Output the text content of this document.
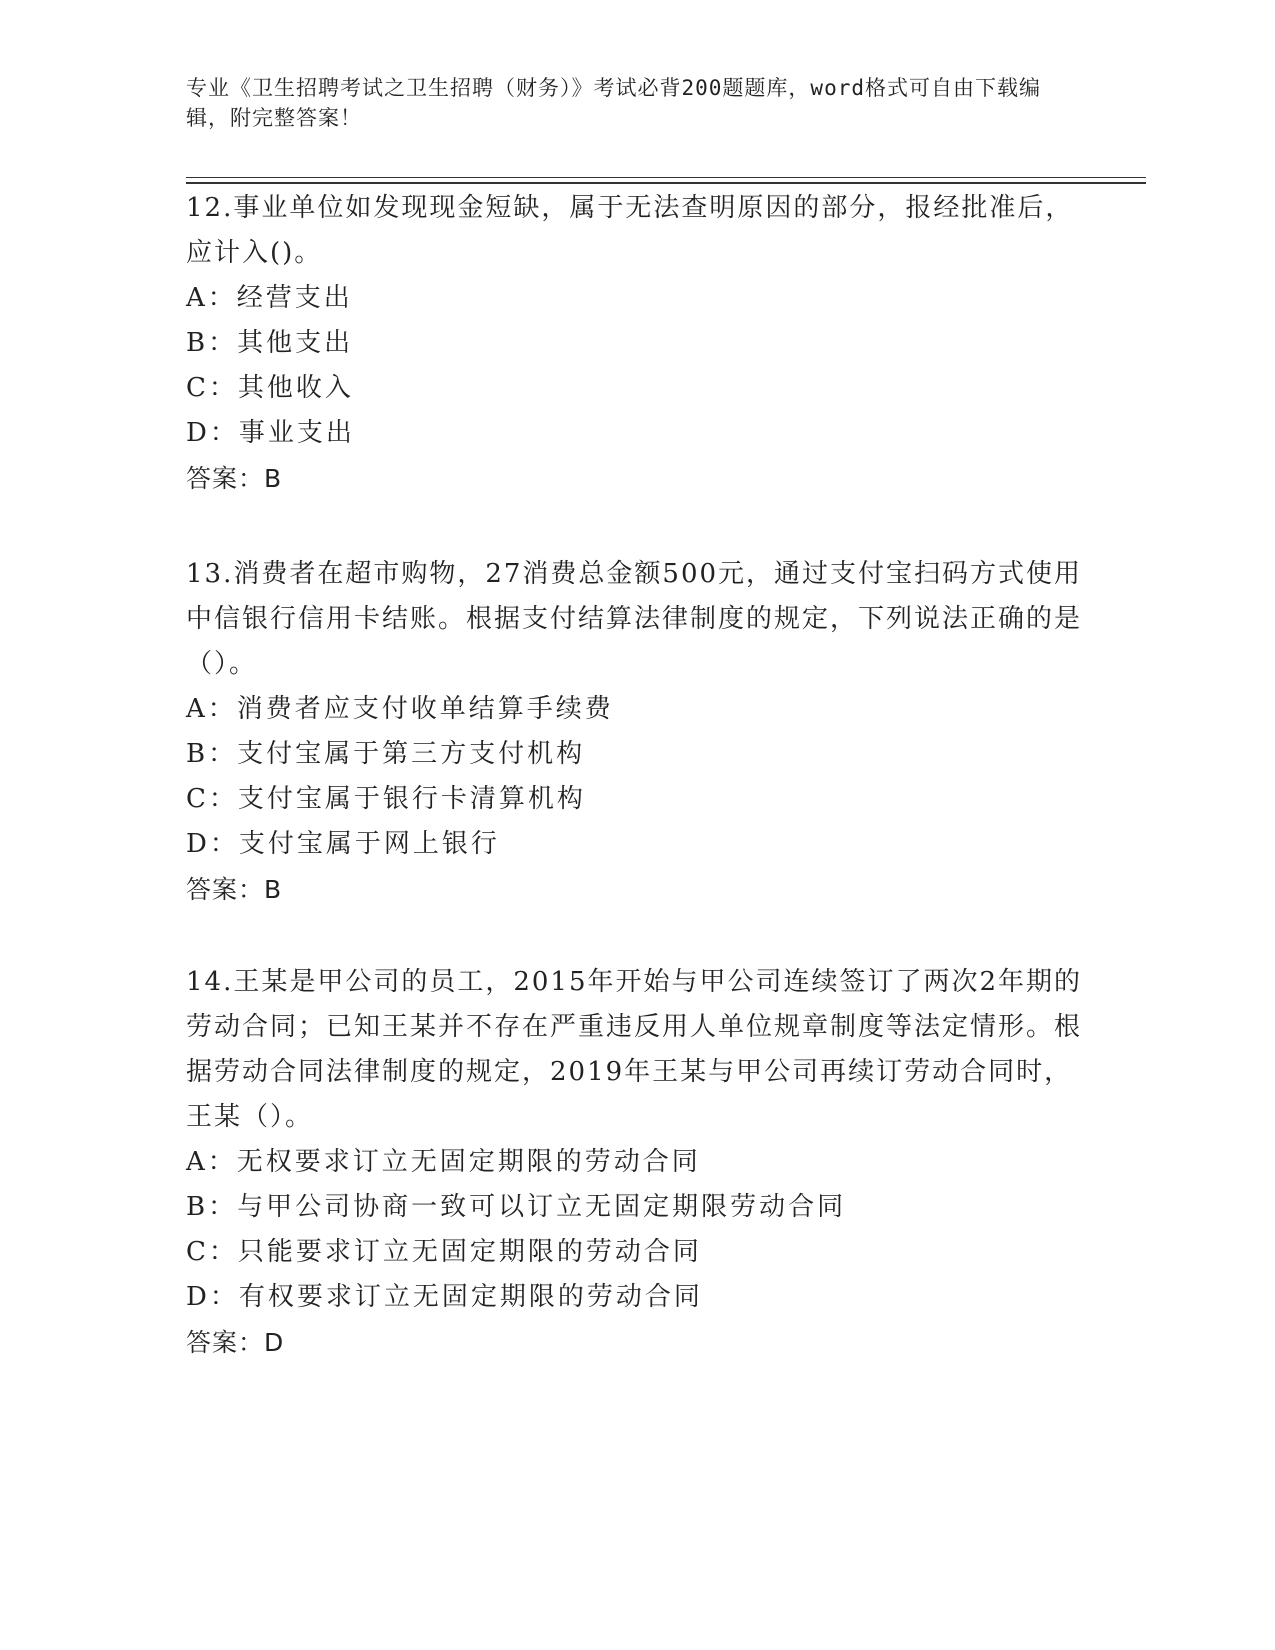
专业《卫生招聘考试之卫生招聘（财务）》考试必背200题题库，word格式可自由下载编辑，附完整答案！
12.事业单位如发现现金短缺，属于无法查明原因的部分，报经批准后，应计入()。
A：经营支出
B：其他支出
C：其他收入
D：事业支出
答案：B
13.消费者在超市购物，27消费总金额500元，通过支付宝扫码方式使用中信银行信用卡结账。根据支付结算法律制度的规定，下列说法正确的是（）。
A：消费者应支付收单结算手续费
B：支付宝属于第三方支付机构
C：支付宝属于银行卡清算机构
D：支付宝属于网上银行
答案：B
14.王某是甲公司的员工，2015年开始与甲公司连续签订了两次2年期的劳动合同；已知王某并不存在严重违反用人单位规章制度等法定情形。根据劳动合同法律制度的规定，2019年王某与甲公司再续订劳动合同时，王某（）。
A：无权要求订立无固定期限的劳动合同
B：与甲公司协商一致可以订立无固定期限劳动合同
C：只能要求订立无固定期限的劳动合同
D：有权要求订立无固定期限的劳动合同
答案：D
